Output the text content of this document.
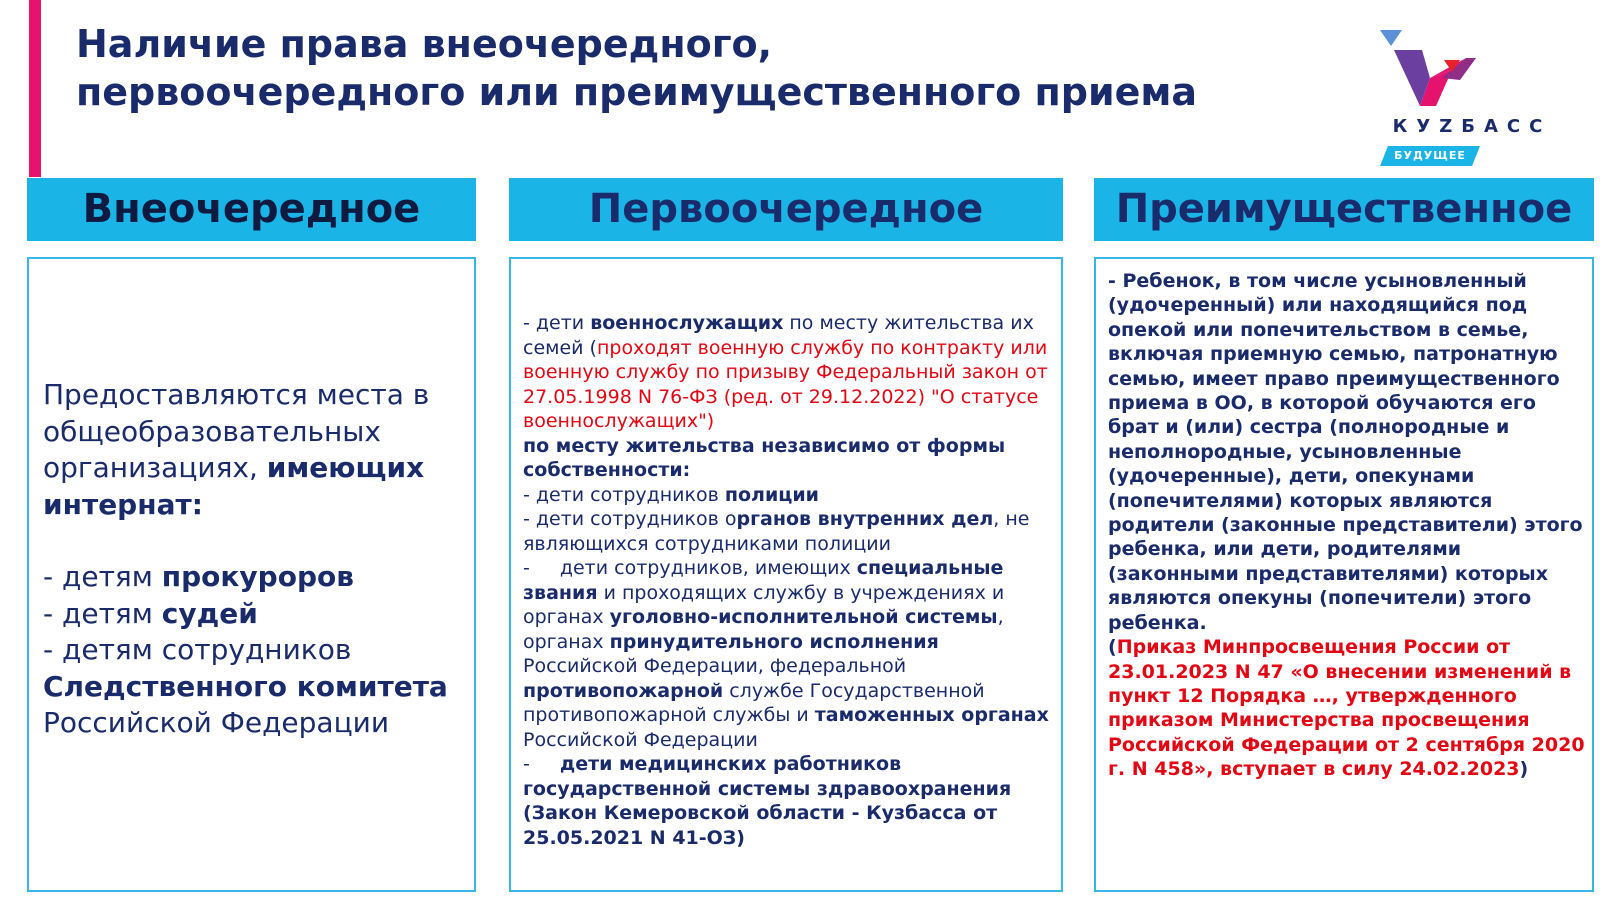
Наличие права внеочередного,
первоочередного или преимущественного приема
КУZБАСС
БУДУЩЕЕ
Внеочередное	Первоочередное	Преимущественное

Предоставляются места в общеобразовательных организациях, имеющих интернат:

- детям прокуроров

- детям судей

- детям сотрудников Следственного комитета Российской Федерации

- дети военнослужащих по месту жительства их семей (проходят военную службу по контракту или военную службу по призыву Федеральный закон от 27.05.1998 N 76-ФЗ (ред. от 29.12.2022) "О статусе военнослужащих")

по месту жительства независимо от формы собственности:

- дети сотрудников полиции

- дети сотрудников органов внутренних дел, не являющихся сотрудниками полиции

- дети сотрудников, имеющих специальные звания и проходящих службу в учреждениях и органах уголовно-исполнительной системы, органах принудительного исполнения Российской Федерации, федеральной противопожарной службе Государственной противопожарной службы и таможенных органах Российской Федерации

- дети медицинских работников государственной системы здравоохранения (Закон Кемеровской области - Кузбасса от 25.05.2021 N 41-ОЗ)

- Ребенок, в том числе усыновленный (удочеренный) или находящийся под опекой или попечительством в семье, включая приемную семью, патронатную семью, имеет право преимущественного приема в ОО, в которой обучаются его брат и (или) сестра (полнородные и неполнородные, усыновленные (удочеренные), дети, опекунами (попечителями) которых являются родители (законные представители) этого ребенка, или дети, родителями (законными представителями) которых являются опекуны (попечители) этого ребенка.

(Приказ Минпросвещения России от 23.01.2023 N 47 «О внесении изменений в пункт 12 Порядка …, утвержденного приказом Министерства просвещения Российской Федерации от 2 сентября 2020 г. N 458», вступает в силу 24.02.2023)
